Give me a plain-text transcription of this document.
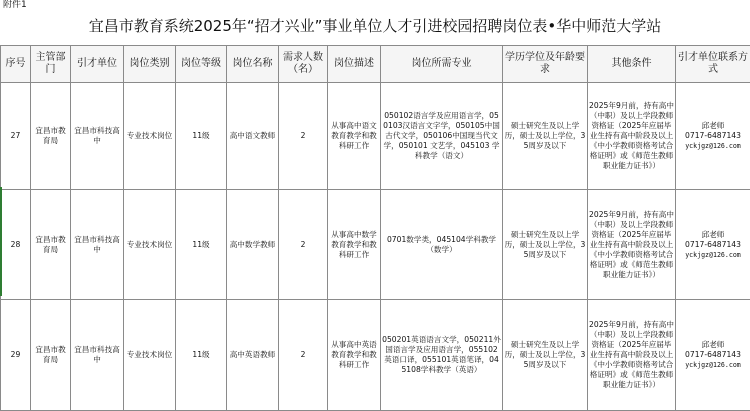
附件1
宜昌市教育系统2025年“招才兴业”事业单位人才引进校园招聘岗位表•华中师范大学站
序号	主管部门	引才单位	岗位类别	岗位等级	岗位名称	需求人数（名）	岗位描述	岗位所需专业	学历学位及年龄要求	其他条件	引才单位联系方式
27	宜昌市教育局	宜昌市科技高中	专业技术岗位	11级	高中语文教师	2	从事高中语文教育教学和教科研工作	050102语言学及应用语言学，050103汉语言文字学，050105中国古代文学，050106中国现当代文学，050101 文艺学，045103 学科教学（语文）	硕士研究生及以上学历，硕士及以上学位，35周岁及以下	2025年9月前，持有高中（中职）及以上学段教师资格证（2025年应届毕业生持有高中阶段及以上《中小学教师资格考试合格证明》或《师范生教师职业能力证书》）	邱老师
0717-6487143
yckjgz@126.com

28	宜昌市教育局	宜昌市科技高中	专业技术岗位	11级	高中数学教师	2	从事高中数学教育教学和教科研工作	0701数学类，045104学科教学（数学）	硕士研究生及以上学历，硕士及以上学位，35周岁及以下	2025年9月前，持有高中（中职）及以上学段教师资格证（2025年应届毕业生持有高中阶段及以上《中小学教师资格考试合格证明》或《师范生教师职业能力证书》）	邱老师
0717-6487143
yckjgz@126.com

29	宜昌市教育局	宜昌市科技高中	专业技术岗位	11级	高中英语教师	2	从事高中英语教育教学和教科研工作	050201英语语言文学，050211外国语言学及应用语言学，055102英语口译，055101英语笔译，045108学科教学（英语）	硕士研究生及以上学历，硕士及以上学位，35周岁及以下	2025年9月前，持有高中（中职）及以上学段教师资格证（2025年应届毕业生持有高中阶段及以上《中小学教师资格考试合格证明》或《师范生教师职业能力证书》）	邱老师
0717-6487143
yckjgz@126.com
